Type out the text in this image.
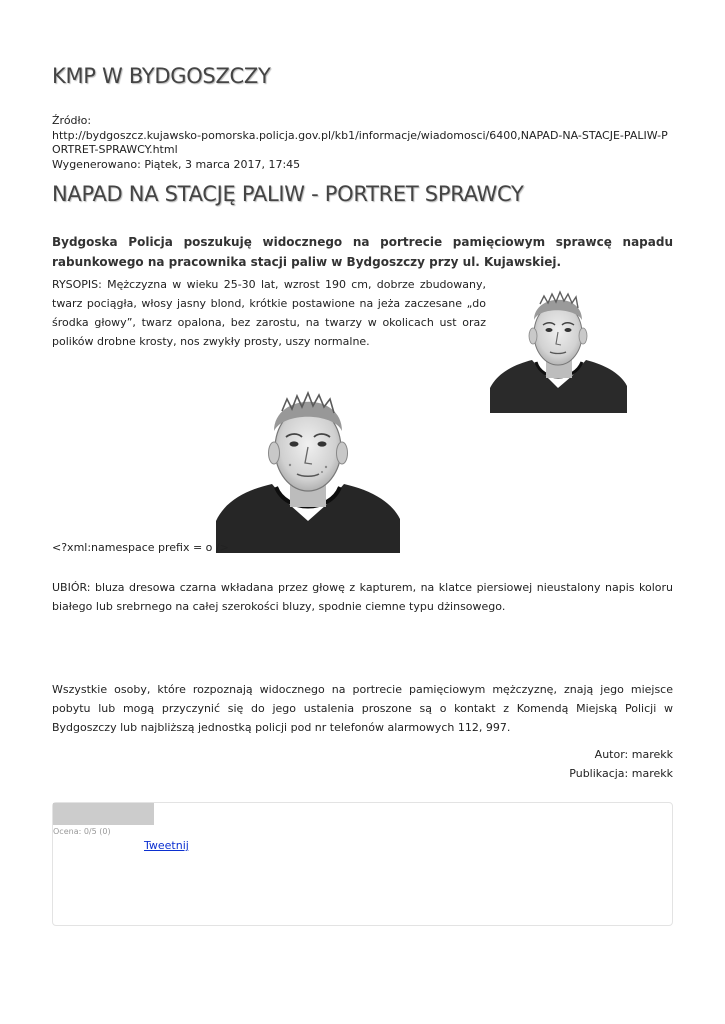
KMP W BYDGOSZCZY
Źródło:
http://bydgoszcz.kujawsko-pomorska.policja.gov.pl/kb1/informacje/wiadomosci/6400,NAPAD-NA-STACJE-PALIW-PORTRET-SPRAWCY.html
Wygenerowano: Piątek, 3 marca 2017, 17:45
NAPAD NA STACJĘ PALIW - PORTRET SPRAWCY
Bydgoska Policja poszukuję widocznego na portrecie pamięciowym sprawcę napadu rabunkowego na pracownika stacji paliw w Bydgoszczy przy ul. Kujawskiej.
RYSOPIS: Mężczyzna w wieku 25-30 lat, wzrost 190 cm, dobrze zbudowany, twarz pociągła, włosy jasny blond, krótkie postawione na jeża zaczesane „do środka głowy”, twarz opalona, bez zarostu, na twarzy w okolicach ust oraz polików drobne krosty, nos zwykły prosty, uszy normalne.
<?xml:namespace prefix = o />
UBIÓR: bluza dresowa czarna wkładana przez głowę z kapturem, na klatce piersiowej nieustalony napis koloru białego lub srebrnego na całej szerokości bluzy, spodnie ciemne typu dżinsowego.
Wszystkie osoby, które rozpoznają widocznego na portrecie pamięciowym mężczyznę, znają jego miejsce pobytu lub mogą przyczynić się do jego ustalenia proszone są o kontakt z Komendą Miejską Policji w Bydgoszczy lub najbliższą jednostką policji pod nr telefonów alarmowych 112, 997.
Autor: marekk
Publikacja: marekk
Ocena: 0/5 (0)
Tweetnij
